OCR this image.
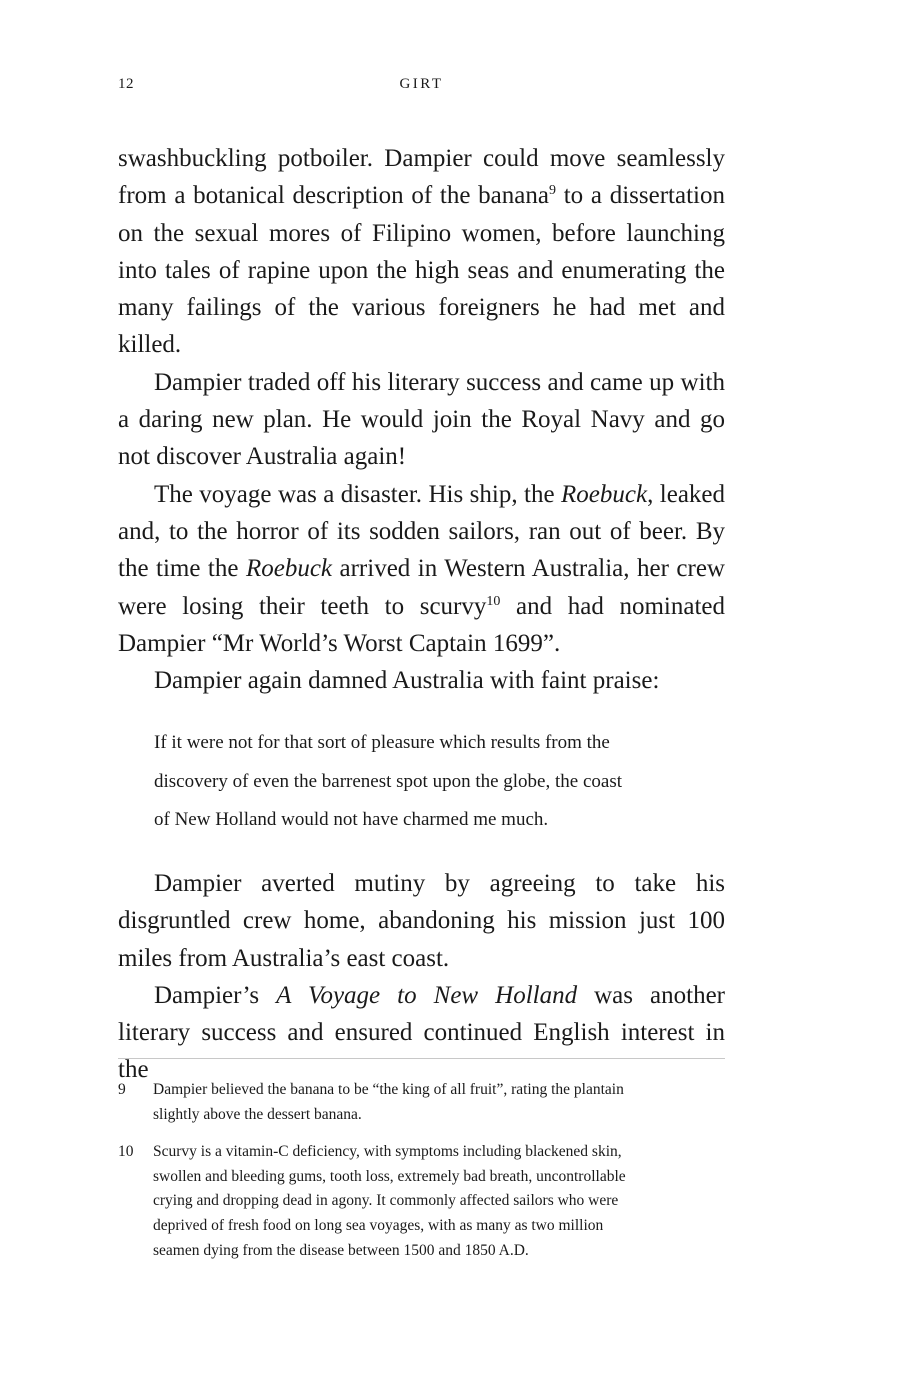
12	GIRT

swashbuckling potboiler. Dampier could move seamlessly from a botanical description of the banana$^9$ to a dissertation on the sexual mores of Filipino women, before launching into tales of rapine upon the high seas and enumerating the many failings of the various foreigners he had met and killed.

Dampier traded off his literary success and came up with a daring new plan. He would join the Royal Navy and go not discover Australia again!

The voyage was a disaster. His ship, the Roebuck, leaked and, to the horror of its sodden sailors, ran out of beer. By the time the Roebuck arrived in Western Australia, her crew were losing their teeth to scurvy$^{10}$ and had nominated Dampier “Mr World’s Worst Captain 1699”.

Dampier again damned Australia with faint praise:

If it were not for that sort of pleasure which results from the
discovery of even the barrenest spot upon the globe, the coast
of New Holland would not have charmed me much.

Dampier averted mutiny by agreeing to take his disgruntled crew home, abandoning his mission just 100 miles from Australia’s east coast.

Dampier’s A Voyage to New Holland was another literary success and ensured continued English interest in the

9 Dampier believed the banana to be “the king of all fruit”, rating the plantain
slightly above the dessert banana.
10 Scurvy is a vitamin-C deficiency, with symptoms including blackened skin,
swollen and bleeding gums, tooth loss, extremely bad breath, uncontrollable
crying and dropping dead in agony. It commonly affected sailors who were
deprived of fresh food on long sea voyages, with as many as two million
seamen dying from the disease between 1500 and 1850 A.D.
